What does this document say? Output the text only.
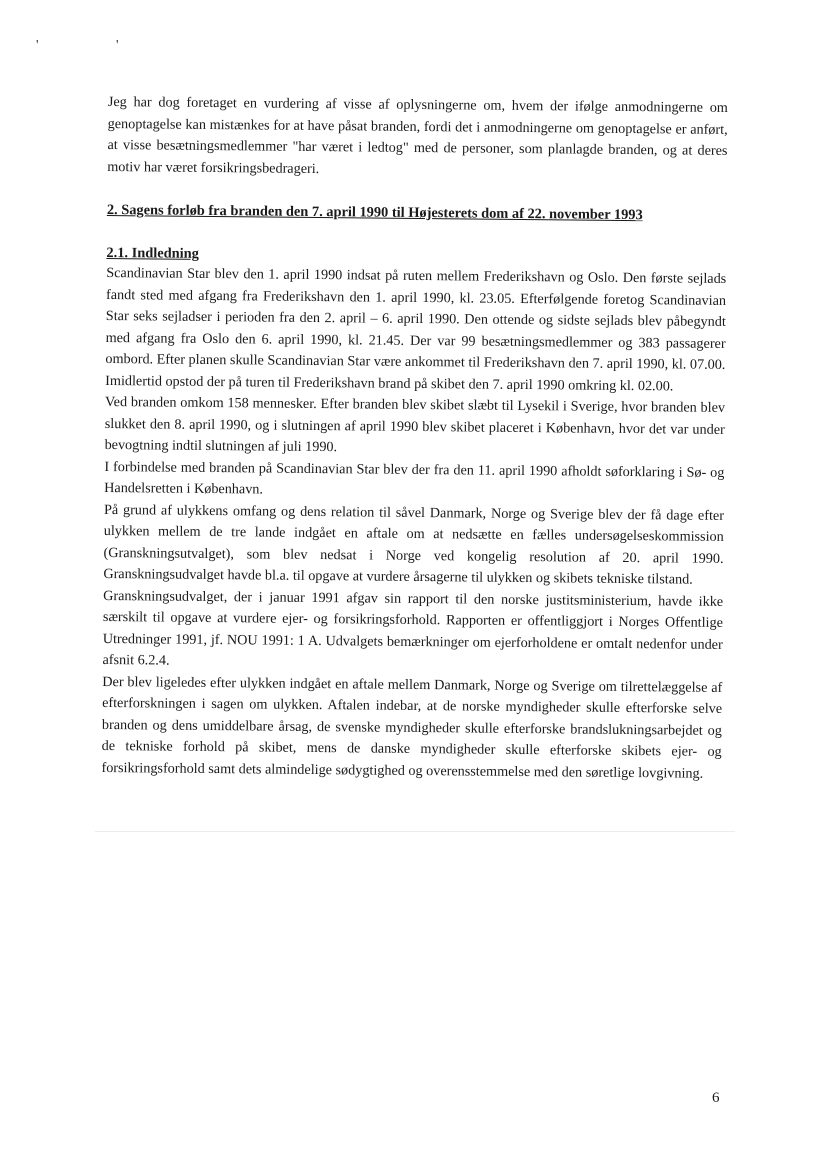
'	'

Jeg har dog foretaget en vurdering af visse af oplysningerne om, hvem der ifølge anmodningerne om genoptagelse kan mistænkes for at have påsat branden, fordi det i anmodningerne om genoptagelse er anført, at visse besætningsmedlemmer "har været i ledtog" med de personer, som planlagde branden, og at deres motiv har været forsikringsbedrageri.

2. Sagens forløb fra branden den 7. april 1990 til Højesterets dom af 22. november 1993

2.1. Indledning

Scandinavian Star blev den 1. april 1990 indsat på ruten mellem Frederikshavn og Oslo. Den første sejlads fandt sted med afgang fra Frederikshavn den 1. april 1990, kl. 23.05. Efterfølgende foretog Scandinavian Star seks sejladser i perioden fra den 2. april – 6. april 1990. Den ottende og sidste sejlads blev påbegyndt med afgang fra Oslo den 6. april 1990, kl. 21.45. Der var 99 besætningsmedlemmer og 383 passagerer ombord. Efter planen skulle Scandinavian Star være ankommet til Frederikshavn den 7. april 1990, kl. 07.00. Imidlertid opstod der på turen til Frederikshavn brand på skibet den 7. april 1990 omkring kl. 02.00.

Ved branden omkom 158 mennesker. Efter branden blev skibet slæbt til Lysekil i Sverige, hvor branden blev slukket den 8. april 1990, og i slutningen af april 1990 blev skibet placeret i København, hvor det var under bevogtning indtil slutningen af juli 1990.

I forbindelse med branden på Scandinavian Star blev der fra den 11. april 1990 afholdt søforklaring i Sø- og Handelsretten i København.

På grund af ulykkens omfang og dens relation til såvel Danmark, Norge og Sverige blev der få dage efter ulykken mellem de tre lande indgået en aftale om at nedsætte en fælles undersøgelseskommission (Granskningsutvalget), som blev nedsat i Norge ved kongelig resolution af 20. april 1990. Granskningsudvalget havde bl.a. til opgave at vurdere årsagerne til ulykken og skibets tekniske tilstand.

Granskningsudvalget, der i januar 1991 afgav sin rapport til den norske justitsministerium, havde ikke særskilt til opgave at vurdere ejer- og forsikringsforhold. Rapporten er offentliggjort i Norges Offentlige Utredninger 1991, jf. NOU 1991: 1 A. Udvalgets bemærkninger om ejerforholdene er omtalt nedenfor under afsnit 6.2.4.

Der blev ligeledes efter ulykken indgået en aftale mellem Danmark, Norge og Sverige om tilrettelæggelse af efterforskningen i sagen om ulykken. Aftalen indebar, at de norske myndigheder skulle efterforske selve branden og dens umiddelbare årsag, de svenske myndigheder skulle efterforske brandslukningsarbejdet og de tekniske forhold på skibet, mens de danske myndigheder skulle efterforske skibets ejer- og forsikringsforhold samt dets almindelige sødygtighed og overensstemmelse med den søretlige lovgivning.

6
